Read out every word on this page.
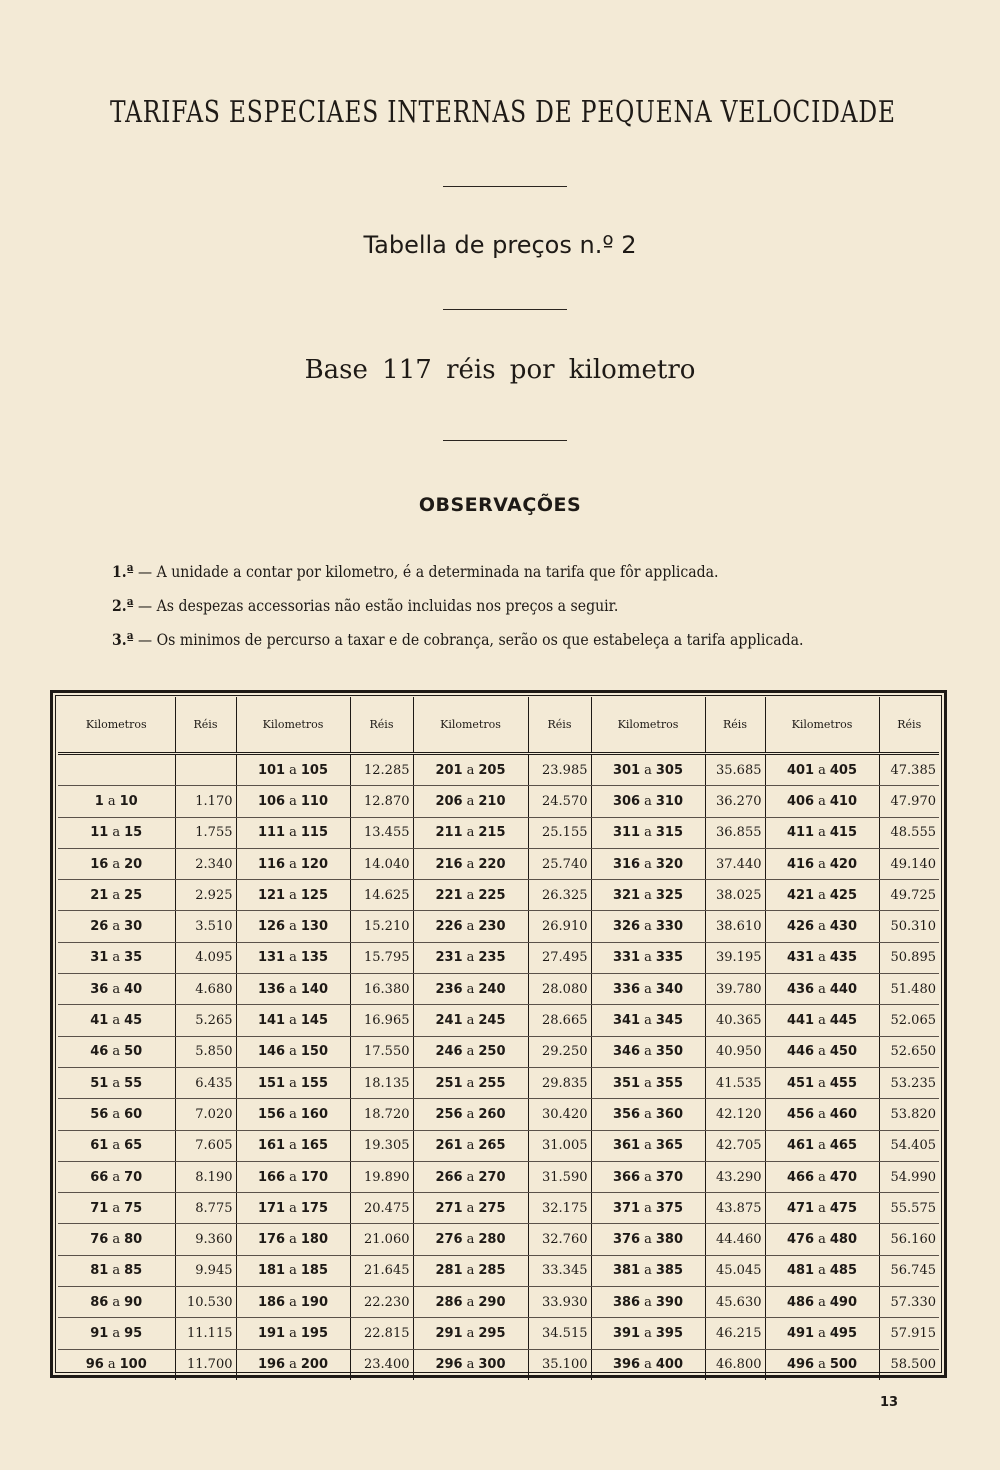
TARIFAS ESPECIAES INTERNAS DE PEQUENA VELOCIDADE
Tabella de preços n.º 2
Base 117 réis por kilometro
OBSERVAÇÕES
1.ª — A unidade a contar por kilometro, é a determinada na tarifa que fôr applicada.
2.ª — As despezas accessorias não estão incluidas nos preços a seguir.
3.ª — Os minimos de percurso a taxar e de cobrança, serão os que estabeleça a tarifa applicada.
Kilometros	Réis	Kilometros	Réis	Kilometros	Réis	Kilometros	Réis	Kilometros	Réis
		101 a 105	12.285	201 a 205	23.985	301 a 305	35.685	401 a 405	47.385
1 a 10	1.170	106 a 110	12.870	206 a 210	24.570	306 a 310	36.270	406 a 410	47.970
11 a 15	1.755	111 a 115	13.455	211 a 215	25.155	311 a 315	36.855	411 a 415	48.555
16 a 20	2.340	116 a 120	14.040	216 a 220	25.740	316 a 320	37.440	416 a 420	49.140
21 a 25	2.925	121 a 125	14.625	221 a 225	26.325	321 a 325	38.025	421 a 425	49.725
26 a 30	3.510	126 a 130	15.210	226 a 230	26.910	326 a 330	38.610	426 a 430	50.310
31 a 35	4.095	131 a 135	15.795	231 a 235	27.495	331 a 335	39.195	431 a 435	50.895
36 a 40	4.680	136 a 140	16.380	236 a 240	28.080	336 a 340	39.780	436 a 440	51.480
41 a 45	5.265	141 a 145	16.965	241 a 245	28.665	341 a 345	40.365	441 a 445	52.065
46 a 50	5.850	146 a 150	17.550	246 a 250	29.250	346 a 350	40.950	446 a 450	52.650
51 a 55	6.435	151 a 155	18.135	251 a 255	29.835	351 a 355	41.535	451 a 455	53.235
56 a 60	7.020	156 a 160	18.720	256 a 260	30.420	356 a 360	42.120	456 a 460	53.820
61 a 65	7.605	161 a 165	19.305	261 a 265	31.005	361 a 365	42.705	461 a 465	54.405
66 a 70	8.190	166 a 170	19.890	266 a 270	31.590	366 a 370	43.290	466 a 470	54.990
71 a 75	8.775	171 a 175	20.475	271 a 275	32.175	371 a 375	43.875	471 a 475	55.575
76 a 80	9.360	176 a 180	21.060	276 a 280	32.760	376 a 380	44.460	476 a 480	56.160
81 a 85	9.945	181 a 185	21.645	281 a 285	33.345	381 a 385	45.045	481 a 485	56.745
86 a 90	10.530	186 a 190	22.230	286 a 290	33.930	386 a 390	45.630	486 a 490	57.330
91 a 95	11.115	191 a 195	22.815	291 a 295	34.515	391 a 395	46.215	491 a 495	57.915
96 a 100	11.700	196 a 200	23.400	296 a 300	35.100	396 a 400	46.800	496 a 500	58.500
13
